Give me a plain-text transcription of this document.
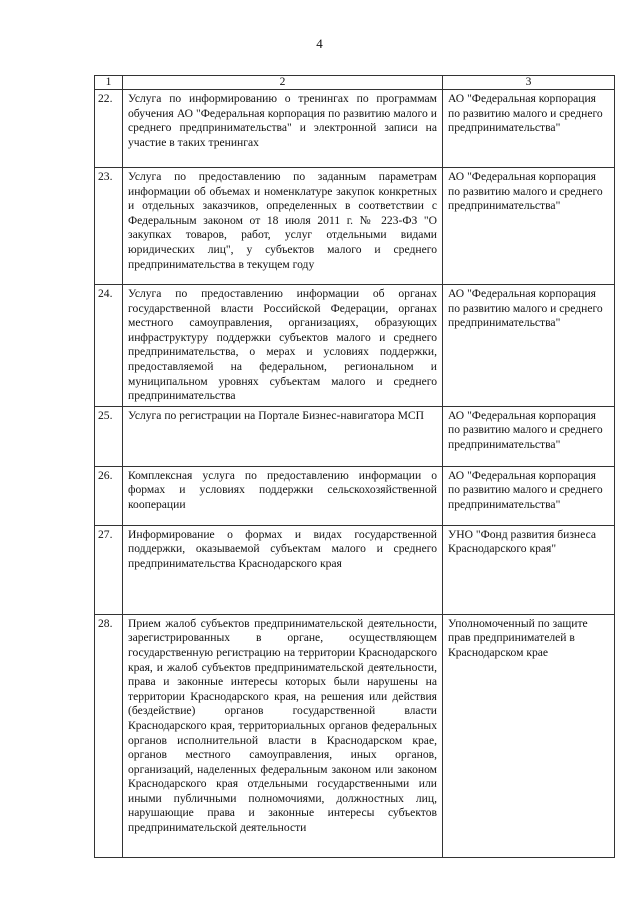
4
1	2	3
22.	Услуга по информированию о тренингах по программам обучения АО "Федеральная корпорация по развитию малого и среднего предпринимательства" и электронной записи на участие в таких тренингах	АО "Федеральная корпорация по развитию малого и среднего предпринимательства"
23.	Услуга по предоставлению по заданным параметрам информации об объемах и номенклатуре закупок конкретных и отдельных заказчиков, определенных в соответствии с Федеральным законом от 18 июля 2011 г. № 223-ФЗ "О закупках товаров, работ, услуг отдельными видами юридических лиц", у субъектов малого и среднего предпринимательства в текущем году	АО "Федеральная корпорация по развитию малого и среднего предпринимательства"
24.	Услуга по предоставлению информации об органах государственной власти Российской Федерации, органах местного самоуправления, организациях, образующих инфраструктуру поддержки субъектов малого и среднего предпринимательства, о мерах и условиях поддержки, предоставляемой на федеральном, региональном и муниципальном уровнях субъектам малого и среднего предпринимательства	АО "Федеральная корпорация по развитию малого и среднего предпринимательства"
25.	Услуга по регистрации на Портале Бизнес-навигатора МСП	АО "Федеральная корпорация по развитию малого и среднего предпринимательства"
26.	Комплексная услуга по предоставлению информации о формах и условиях поддержки сельскохозяйственной кооперации	АО "Федеральная корпорация по развитию малого и среднего предпринимательства"
27.	Информирование о формах и видах государственной поддержки, оказываемой субъектам малого и среднего предпринимательства Краснодарского края	УНО "Фонд развития бизнеса Краснодарского края"
28.	Прием жалоб субъектов предпринимательской деятельности, зарегистрированных в органе, осуществляющем государственную регистрацию на территории Краснодарского края, и жалоб субъектов предпринимательской деятельности, права и законные интересы которых были нарушены на территории Краснодарского края, на решения или действия (бездействие) органов государственной власти Краснодарского края, территориальных органов федеральных органов исполнительной власти в Краснодарском крае, органов местного самоуправления, иных органов, организаций, наделенных федеральным законом или законом Краснодарского края отдельными государственными или иными публичными полномочиями, должностных лиц, нарушающие права и законные интересы субъектов предпринимательской деятельности	Уполномоченный по защите прав предпринимателей в Краснодарском крае
